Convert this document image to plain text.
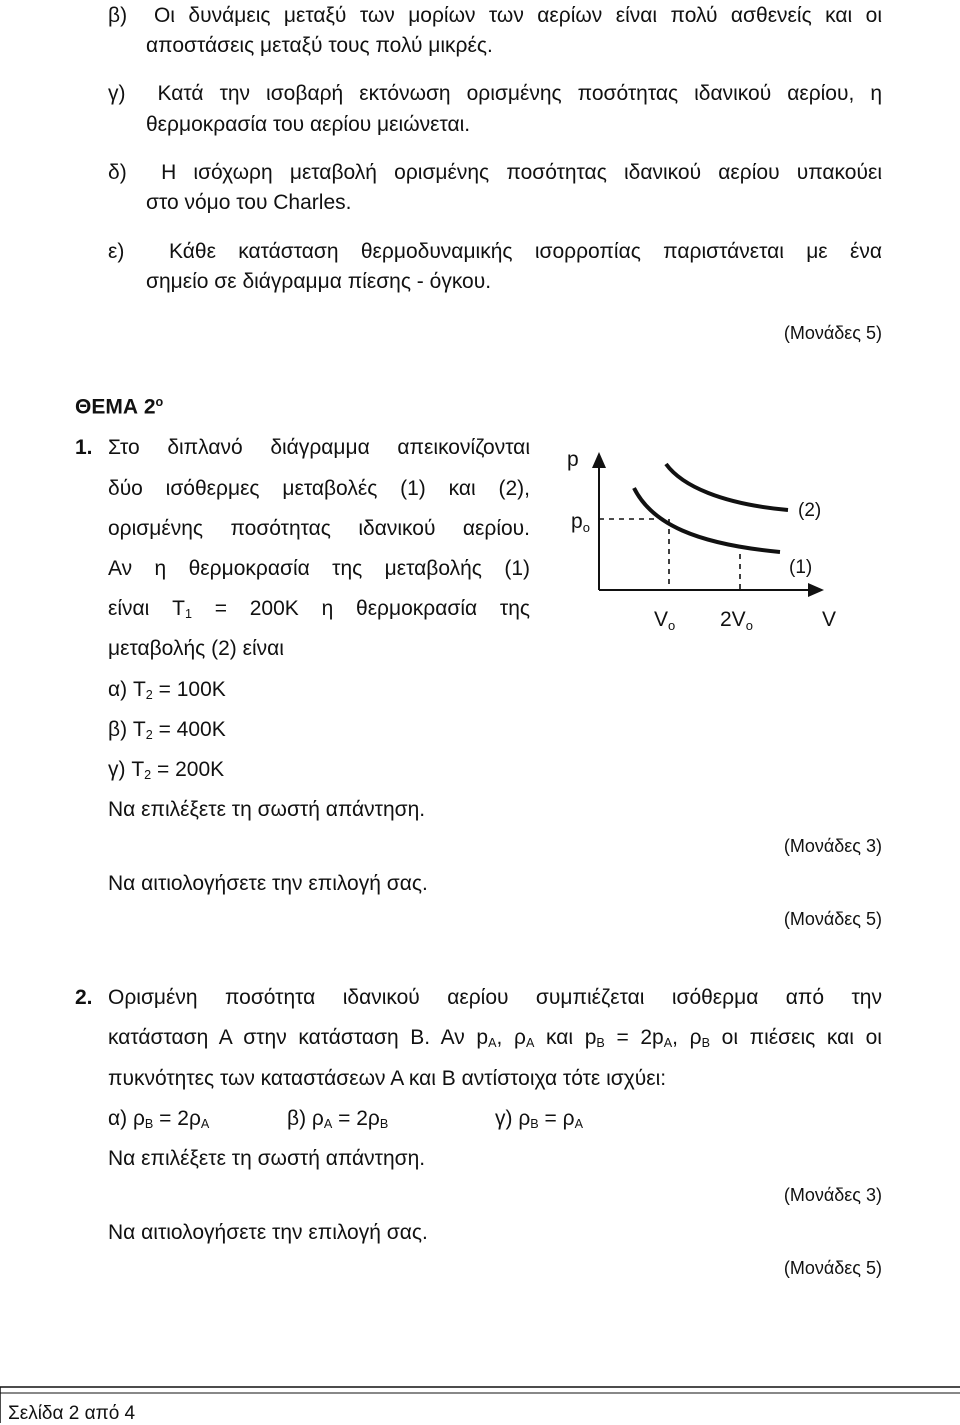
β)  Οι δυνάμεις μεταξύ των μορίων των αερίων είναι πολύ ασθενείς και οι
αποστάσεις μεταξύ τους πολύ μικρές.
γ)  Κατά την ισοβαρή εκτόνωση ορισμένης ποσότητας ιδανικού αερίου, η
θερμοκρασία του αερίου μειώνεται.
δ)  Η ισόχωρη μεταβολή ορισμένης ποσότητας ιδανικού αερίου υπακούει
στο νόμο του Charles.
ε)  Κάθε κατάσταση θερμοδυναμικής ισορροπίας παριστάνεται με ένα
σημείο σε διάγραμμα πίεσης - όγκου.
(Μονάδες 5)
ΘΕΜΑ $2^o$
1. Στο διπλανό διάγραμμα απεικονίζονται
δύο ισόθερμες μεταβολές (1) και (2),
ορισμένης ποσότητας ιδανικού αερίου.
Αν η θερμοκρασία της μεταβολής (1)
είναι $T_1 = 200K$ η θερμοκρασία της
μεταβολής (2) είναι
α) $T_2 = 100K$
β) $T_2 = 400K$
γ) $T_2 = 200K$
Να επιλέξετε τη σωστή απάντηση.
(Μονάδες 3)
Να αιτιολογήσετε την επιλογή σας.
(Μονάδες 5)
p
po
(2)
(1)
Vo 2Vo	V
2. Ορισμένη ποσότητα ιδανικού αερίου συμπιέζεται ισόθερμα από την
κατάσταση Α στην κατάσταση Β. Αν $p_A$, $\rho_A$ και $p_B = 2p_A$, $\rho_B$ οι πιέσεις και οι
πυκνότητες των καταστάσεων Α και Β αντίστοιχα τότε ισχύει:
α) $\rho_B = 2\rho_A$	β) $\rho_A = 2\rho_B$	γ) $\rho_B = \rho_A$
Να επιλέξετε τη σωστή απάντηση.
(Μονάδες 3)
Να αιτιολογήσετε την επιλογή σας.
(Μονάδες 5)
Σελίδα 2 από 4
